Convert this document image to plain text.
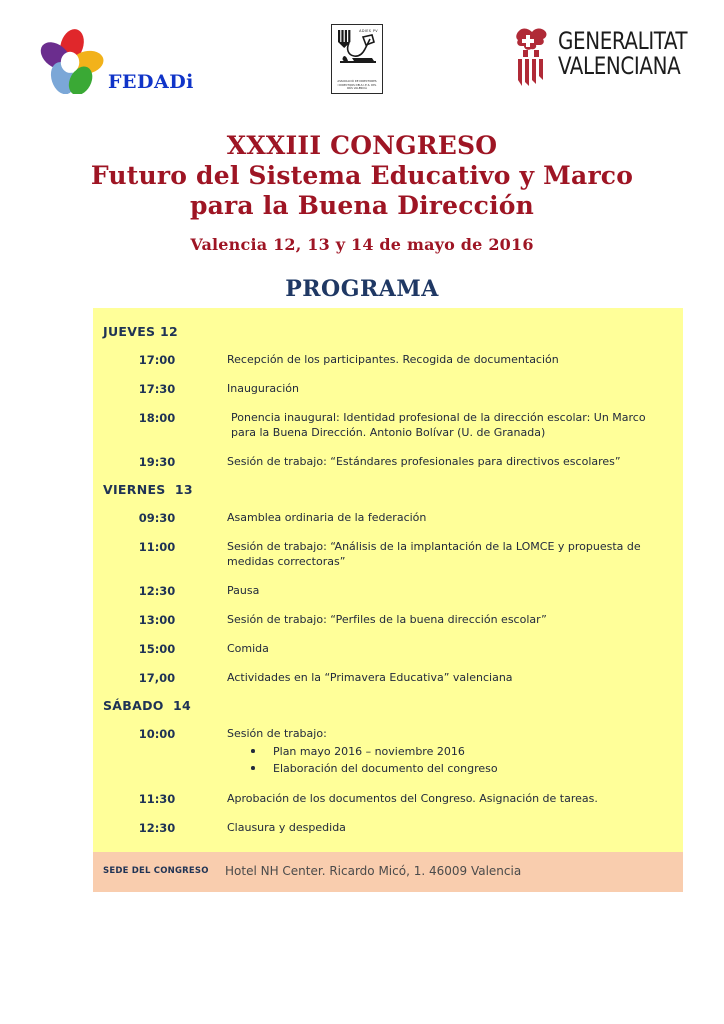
FEDADi
ADIES PV
ASSOCIACIÓ DE DIRECTORES
I DIRECTORS DELS I.E.S. DEL
PAÍS VALENCIÀ
GENERALITAT
VALENCIANA
XXXIII CONGRESO
Futuro del Sistema Educativo y Marco
para la Buena Dirección
Valencia 12, 13 y 14 de mayo de 2016
PROGRAMA
JUEVES 12
17:00	Recepción de los participantes. Recogida de documentación
17:30	Inauguración
18:00	Ponencia inaugural: Identidad profesional de la dirección escolar: Un Marco para la Buena Dirección. Antonio Bolívar (U. de Granada)
19:30	Sesión de trabajo: “Estándares profesionales para directivos escolares”
VIERNES  13
09:30	Asamblea ordinaria de la federación
11:00	Sesión de trabajo: “Análisis de la implantación de la LOMCE y propuesta de medidas correctoras”
12:30	Pausa
13:00	Sesión de trabajo: “Perfiles de la buena dirección escolar”
15:00	Comida
17,00	Actividades en la “Primavera Educativa” valenciana
SÁBADO  14
10:00	Sesión de trabajo:
Plan mayo 2016 – noviembre 2016
Elaboración del documento del congreso
11:30	Aprobación de los documentos del Congreso. Asignación de tareas.
12:30	Clausura y despedida
SEDE DEL CONGRESO	Hotel NH Center. Ricardo Micó, 1. 46009 Valencia
